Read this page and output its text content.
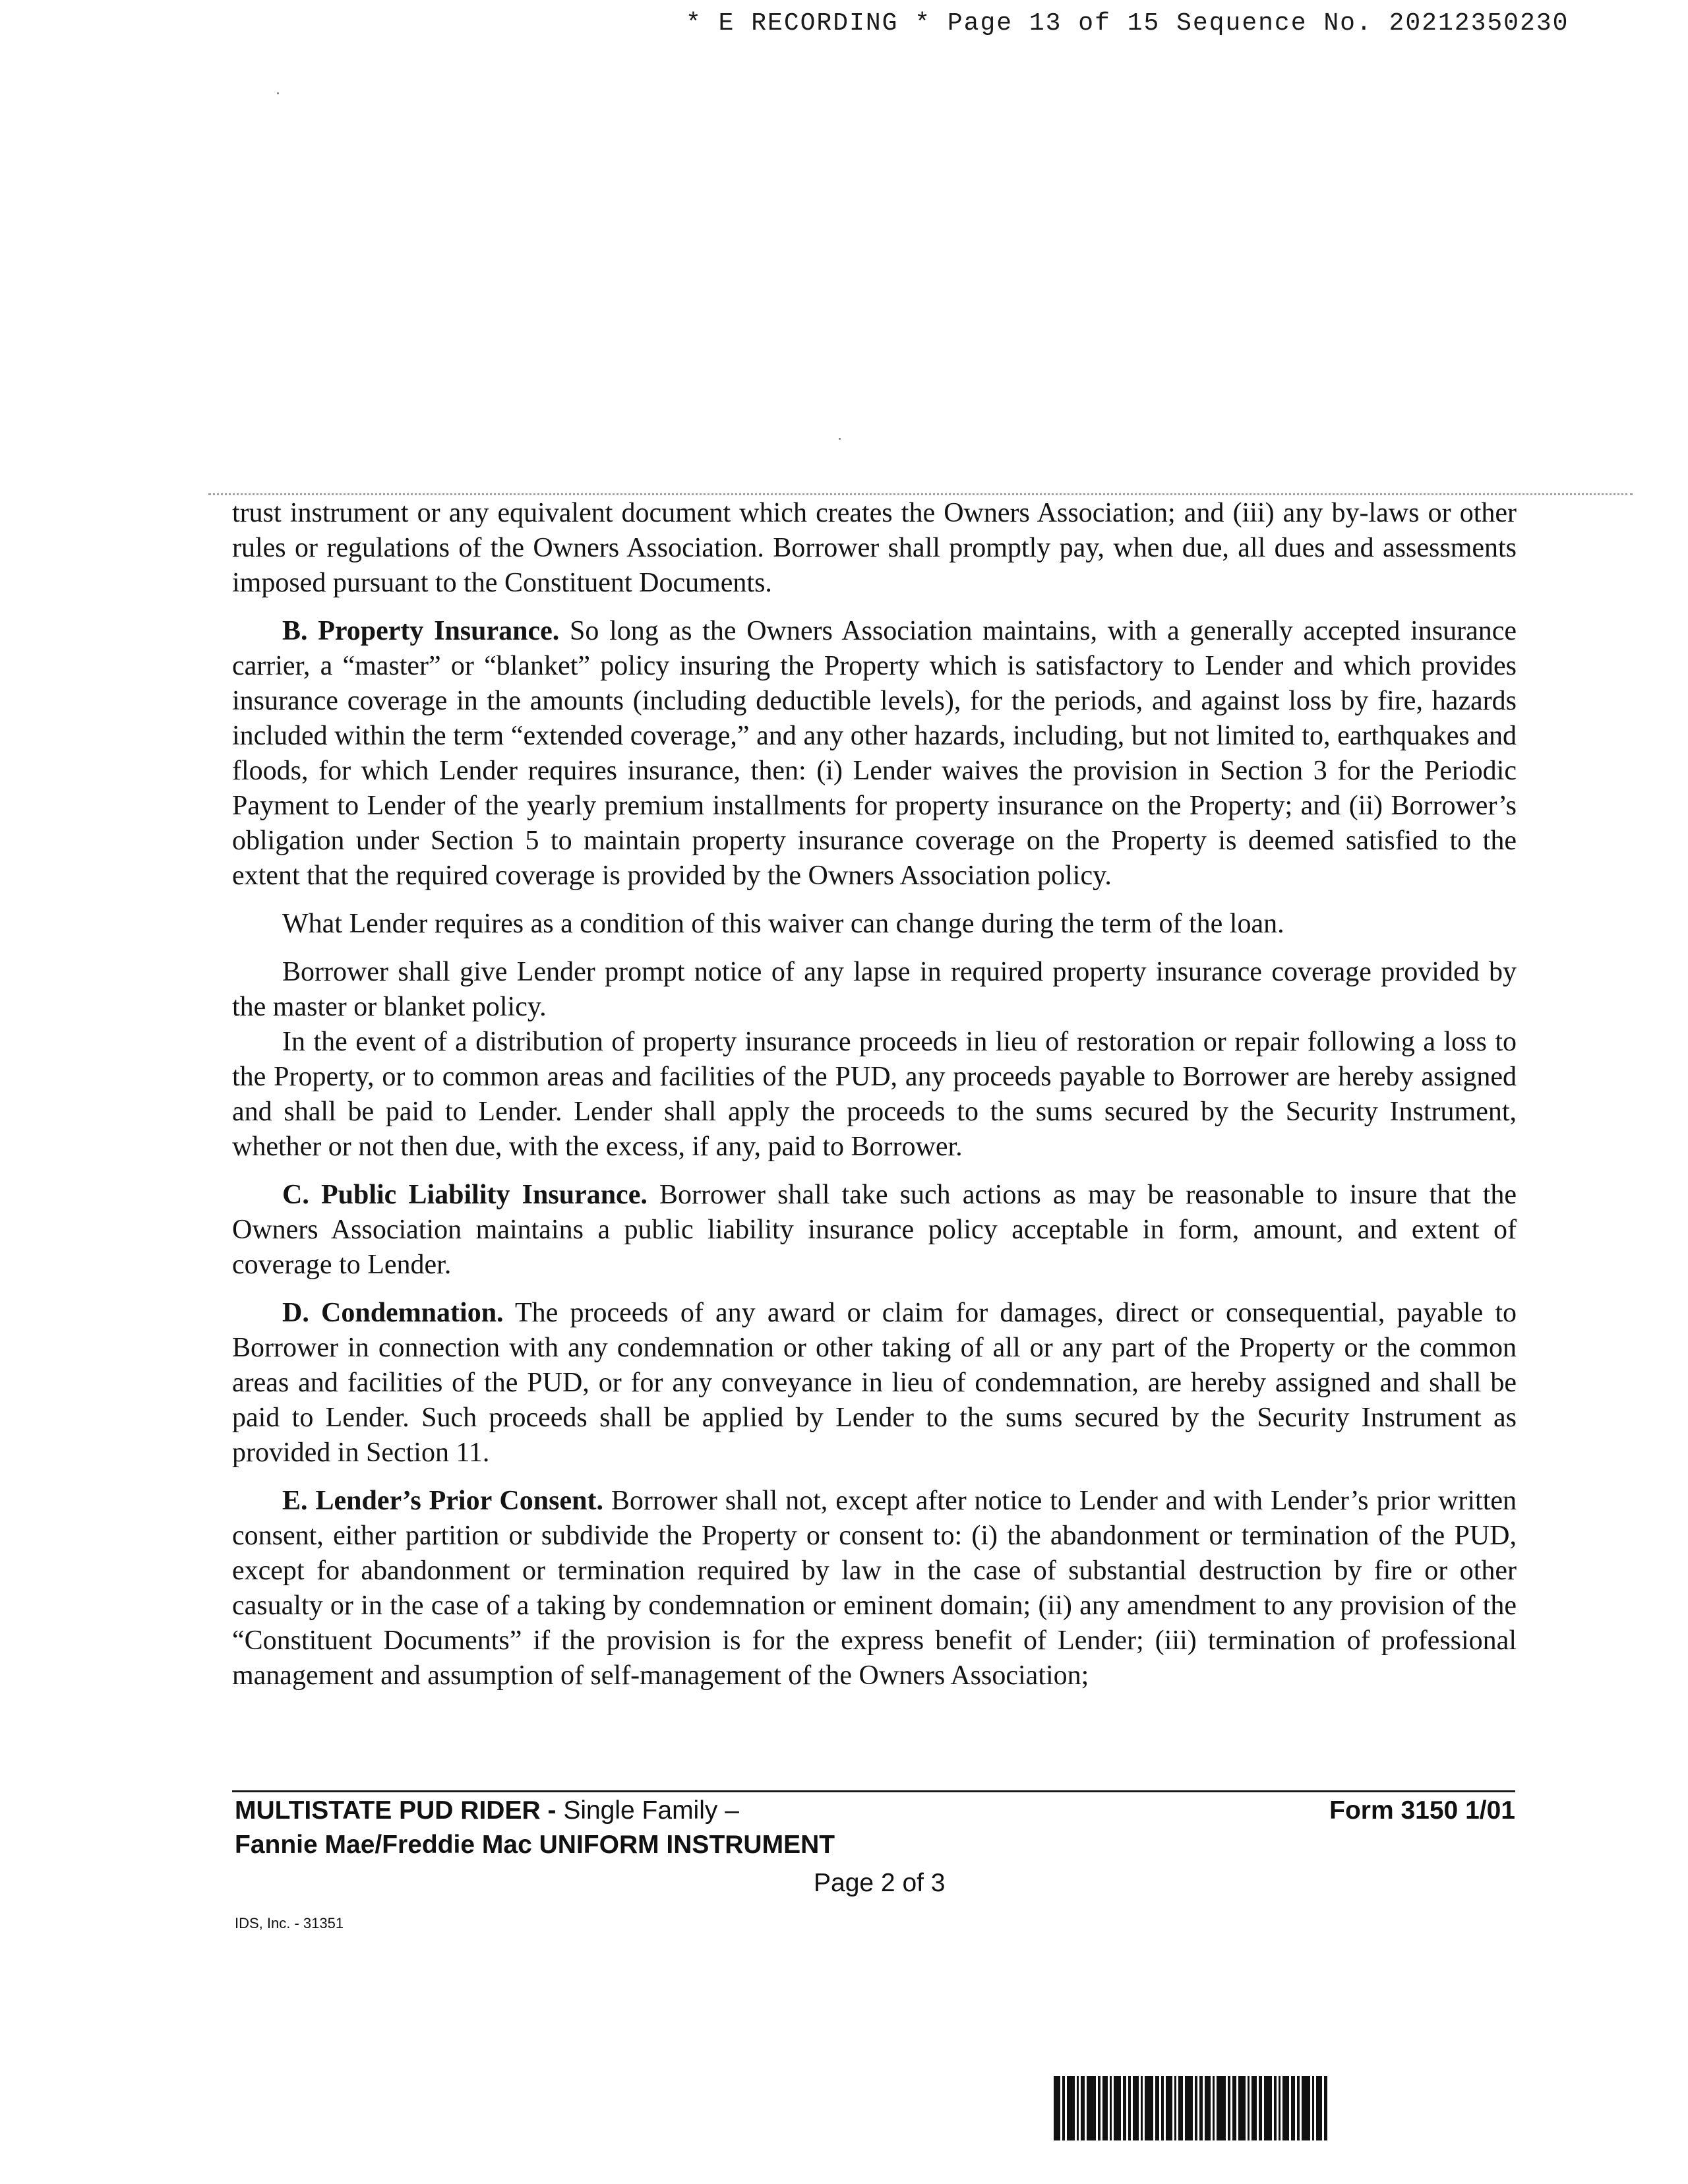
* E RECORDING * Page 13 of 15 Sequence No. 20212350230

trust instrument or any equivalent document which creates the Owners Association; and (iii) any by-laws or other rules or regulations of the Owners Association. Borrower shall promptly pay, when due, all dues and assessments imposed pursuant to the Constituent Documents.

B. Property Insurance. So long as the Owners Association maintains, with a generally accepted insurance carrier, a “master” or “blanket” policy insuring the Property which is satisfactory to Lender and which provides insurance coverage in the amounts (including deductible levels), for the periods, and against loss by fire, hazards included within the term “extended coverage,” and any other hazards, including, but not limited to, earthquakes and floods, for which Lender requires insurance, then: (i) Lender waives the provision in Section 3 for the Periodic Payment to Lender of the yearly premium installments for property insurance on the Property; and (ii) Borrower’s obligation under Section 5 to maintain property insurance coverage on the Property is deemed satisfied to the extent that the required coverage is provided by the Owners Association policy.

What Lender requires as a condition of this waiver can change during the term of the loan.

Borrower shall give Lender prompt notice of any lapse in required property insurance coverage provided by the master or blanket policy.

In the event of a distribution of property insurance proceeds in lieu of restoration or repair following a loss to the Property, or to common areas and facilities of the PUD, any proceeds payable to Borrower are hereby assigned and shall be paid to Lender. Lender shall apply the proceeds to the sums secured by the Security Instrument, whether or not then due, with the excess, if any, paid to Borrower.

C. Public Liability Insurance. Borrower shall take such actions as may be reasonable to insure that the Owners Association maintains a public liability insurance policy acceptable in form, amount, and extent of coverage to Lender.

D. Condemnation. The proceeds of any award or claim for damages, direct or consequential, payable to Borrower in connection with any condemnation or other taking of all or any part of the Property or the common areas and facilities of the PUD, or for any conveyance in lieu of condemnation, are hereby assigned and shall be paid to Lender. Such proceeds shall be applied by Lender to the sums secured by the Security Instrument as provided in Section 11.

E. Lender’s Prior Consent. Borrower shall not, except after notice to Lender and with Lender’s prior written consent, either partition or subdivide the Property or consent to: (i) the abandonment or termination of the PUD, except for abandonment or termination required by law in the case of substantial destruction by fire or other casualty or in the case of a taking by condemnation or eminent domain; (ii) any amendment to any provision of the “Constituent Documents” if the provision is for the express benefit of Lender; (iii) termination of professional management and assumption of self-management of the Owners Association;

MULTISTATE PUD RIDER - Single Family –
Fannie Mae/Freddie Mac UNIFORM INSTRUMENT
Form 3150 1/01
Page 2 of 3
IDS, Inc. - 31351
